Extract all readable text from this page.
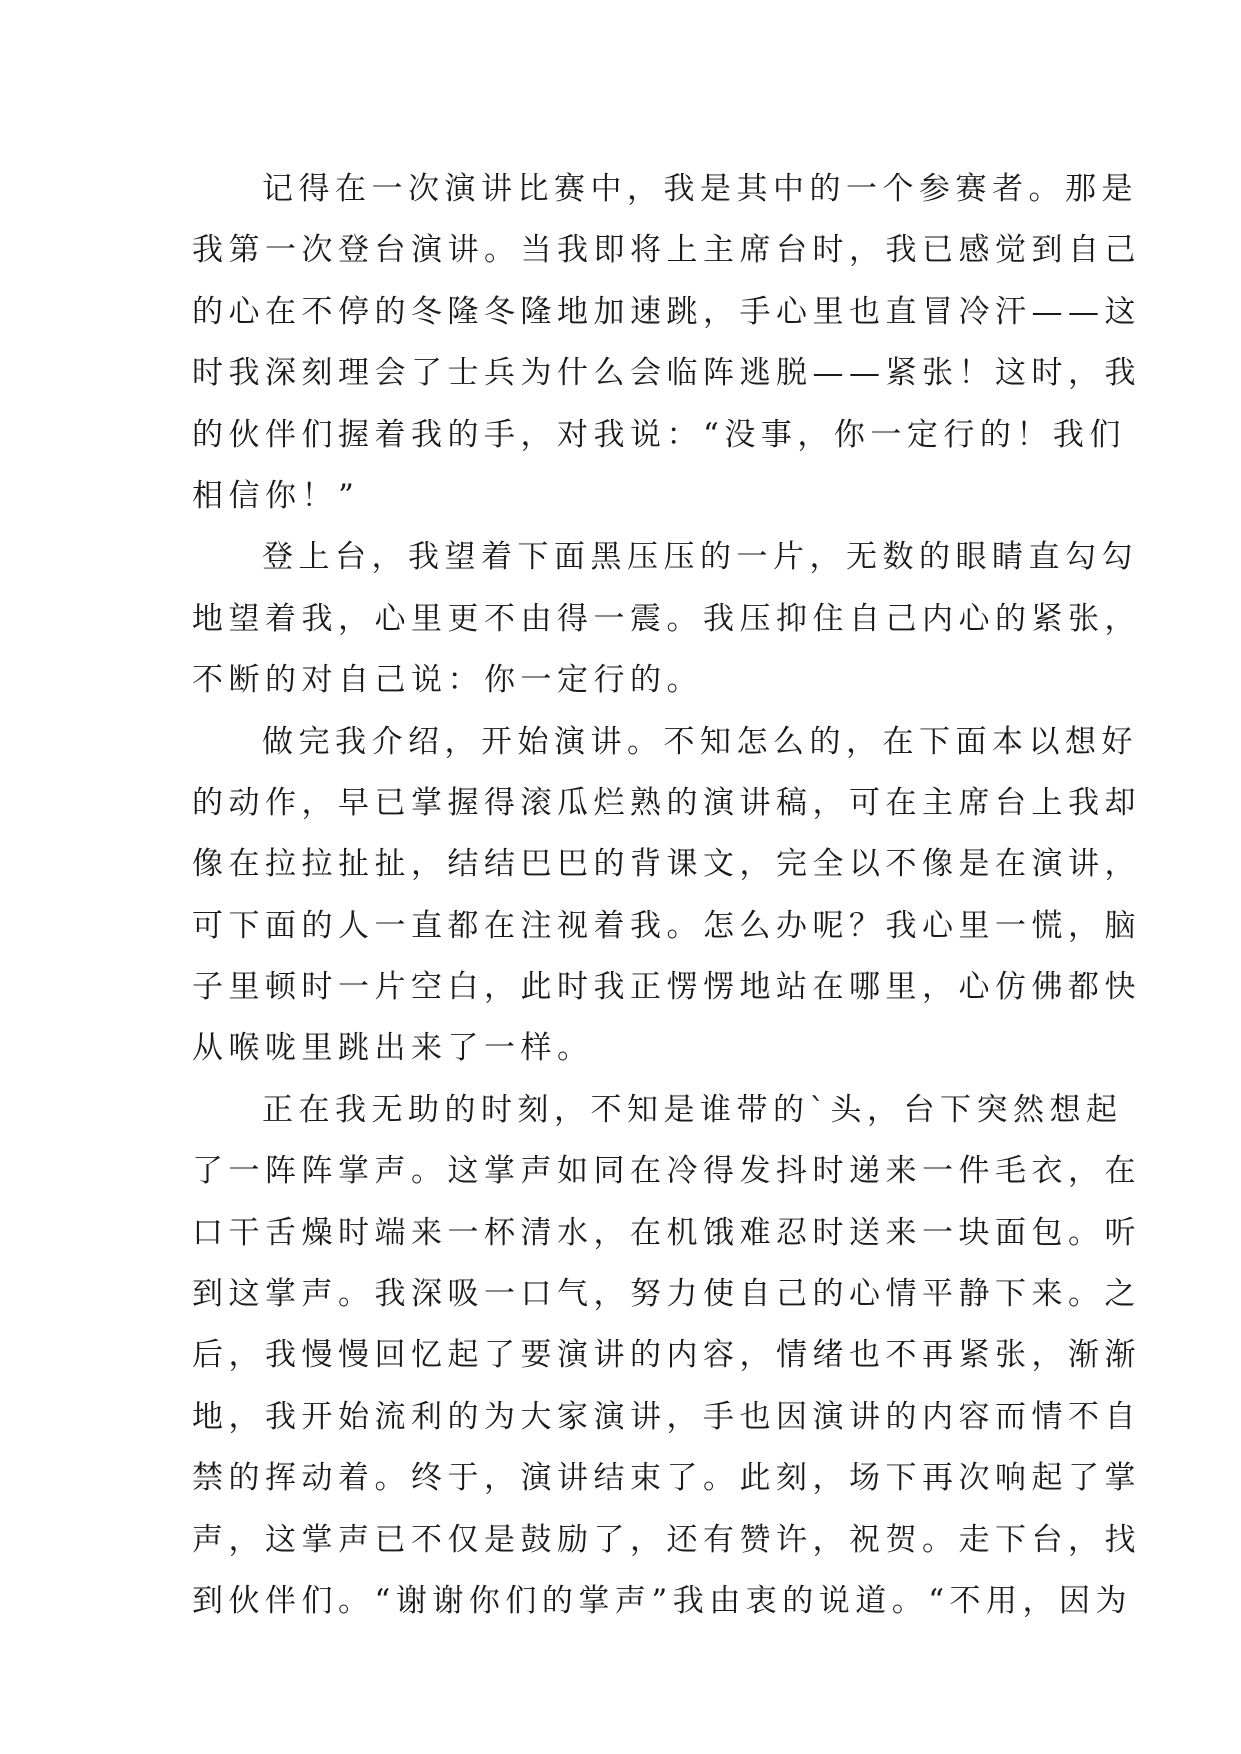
记得在一次演讲比赛中，我是其中的一个参赛者。那是
我第一次登台演讲。当我即将上主席台时，我已感觉到自己
的心在不停的冬隆冬隆地加速跳，手心里也直冒冷汗——这
时我深刻理会了士兵为什么会临阵逃脱——紧张！这时，我
的伙伴们握着我的手，对我说：“没事，你一定行的！我们
相信你！”
登上台，我望着下面黑压压的一片，无数的眼睛直勾勾
地望着我，心里更不由得一震。我压抑住自己内心的紧张，
不断的对自己说：你一定行的。
做完我介绍，开始演讲。不知怎么的，在下面本以想好
的动作，早已掌握得滚瓜烂熟的演讲稿，可在主席台上我却
像在拉拉扯扯，结结巴巴的背课文，完全以不像是在演讲，
可下面的人一直都在注视着我。怎么办呢？我心里一慌，脑
子里顿时一片空白，此时我正愣愣地站在哪里，心仿佛都快
从喉咙里跳出来了一样。
正在我无助的时刻，不知是谁带的`头，台下突然想起
了一阵阵掌声。这掌声如同在冷得发抖时递来一件毛衣，在
口干舌燥时端来一杯清水，在机饿难忍时送来一块面包。听
到这掌声。我深吸一口气，努力使自己的心情平静下来。之
后，我慢慢回忆起了要演讲的内容，情绪也不再紧张，渐渐
地，我开始流利的为大家演讲，手也因演讲的内容而情不自
禁的挥动着。终于，演讲结束了。此刻，场下再次响起了掌
声，这掌声已不仅是鼓励了，还有赞许，祝贺。走下台，找
到伙伴们。“谢谢你们的掌声”我由衷的说道。“不用，因为
